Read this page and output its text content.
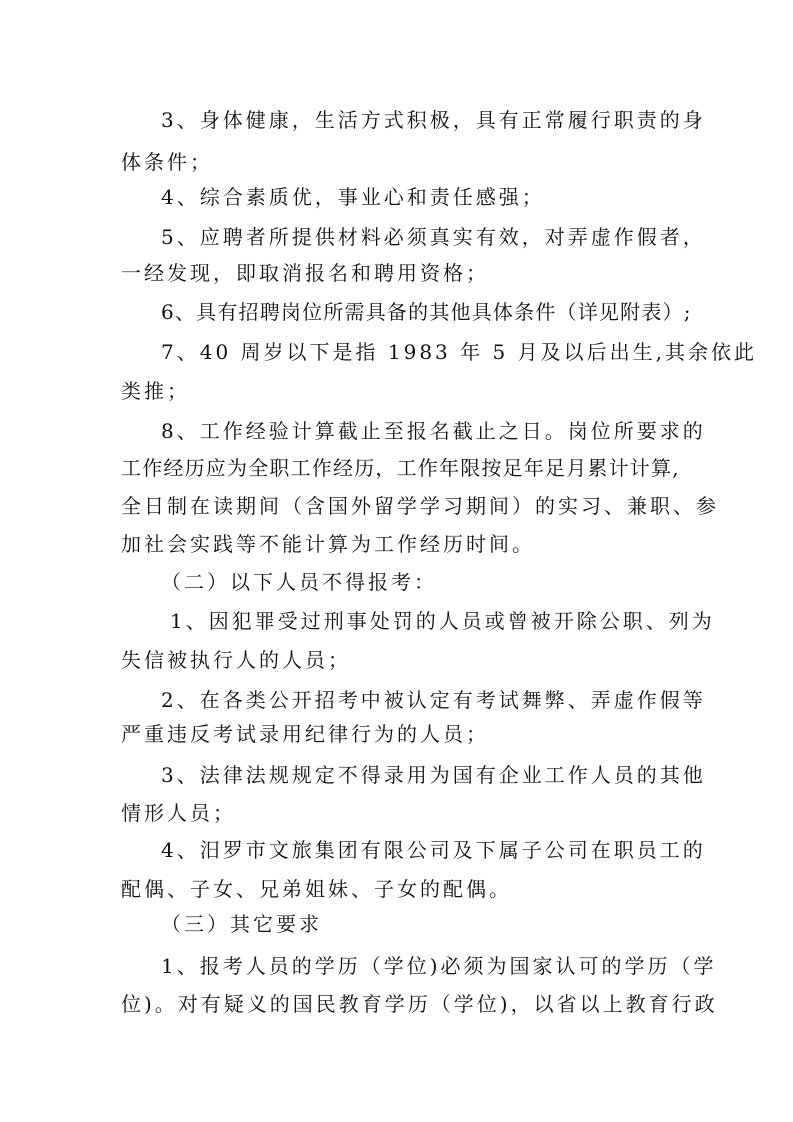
3、身体健康，生活方式积极，具有正常履行职责的身
体条件；
4、综合素质优，事业心和责任感强；
5、应聘者所提供材料必须真实有效，对弄虚作假者，
一经发现，即取消报名和聘用资格；
6、具有招聘岗位所需具备的其他具体条件（详见附表）;
7、40 周岁以下是指 1983 年 5 月及以后出生,其余依此
类推；
8、工作经验计算截止至报名截止之日。岗位所要求的
工作经历应为全职工作经历，工作年限按足年足月累计计算,
全日制在读期间（含国外留学学习期间）的实习、兼职、参
加社会实践等不能计算为工作经历时间。
（二）以下人员不得报考：
1、因犯罪受过刑事处罚的人员或曾被开除公职、列为
失信被执行人的人员；
2、在各类公开招考中被认定有考试舞弊、弄虚作假等
严重违反考试录用纪律行为的人员；
3、法律法规规定不得录用为国有企业工作人员的其他
情形人员；
4、汨罗市文旅集团有限公司及下属子公司在职员工的
配偶、子女、兄弟姐妹、子女的配偶。
（三）其它要求
1、报考人员的学历（学位)必须为国家认可的学历（学
位)。对有疑义的国民教育学历（学位)，以省以上教育行政
